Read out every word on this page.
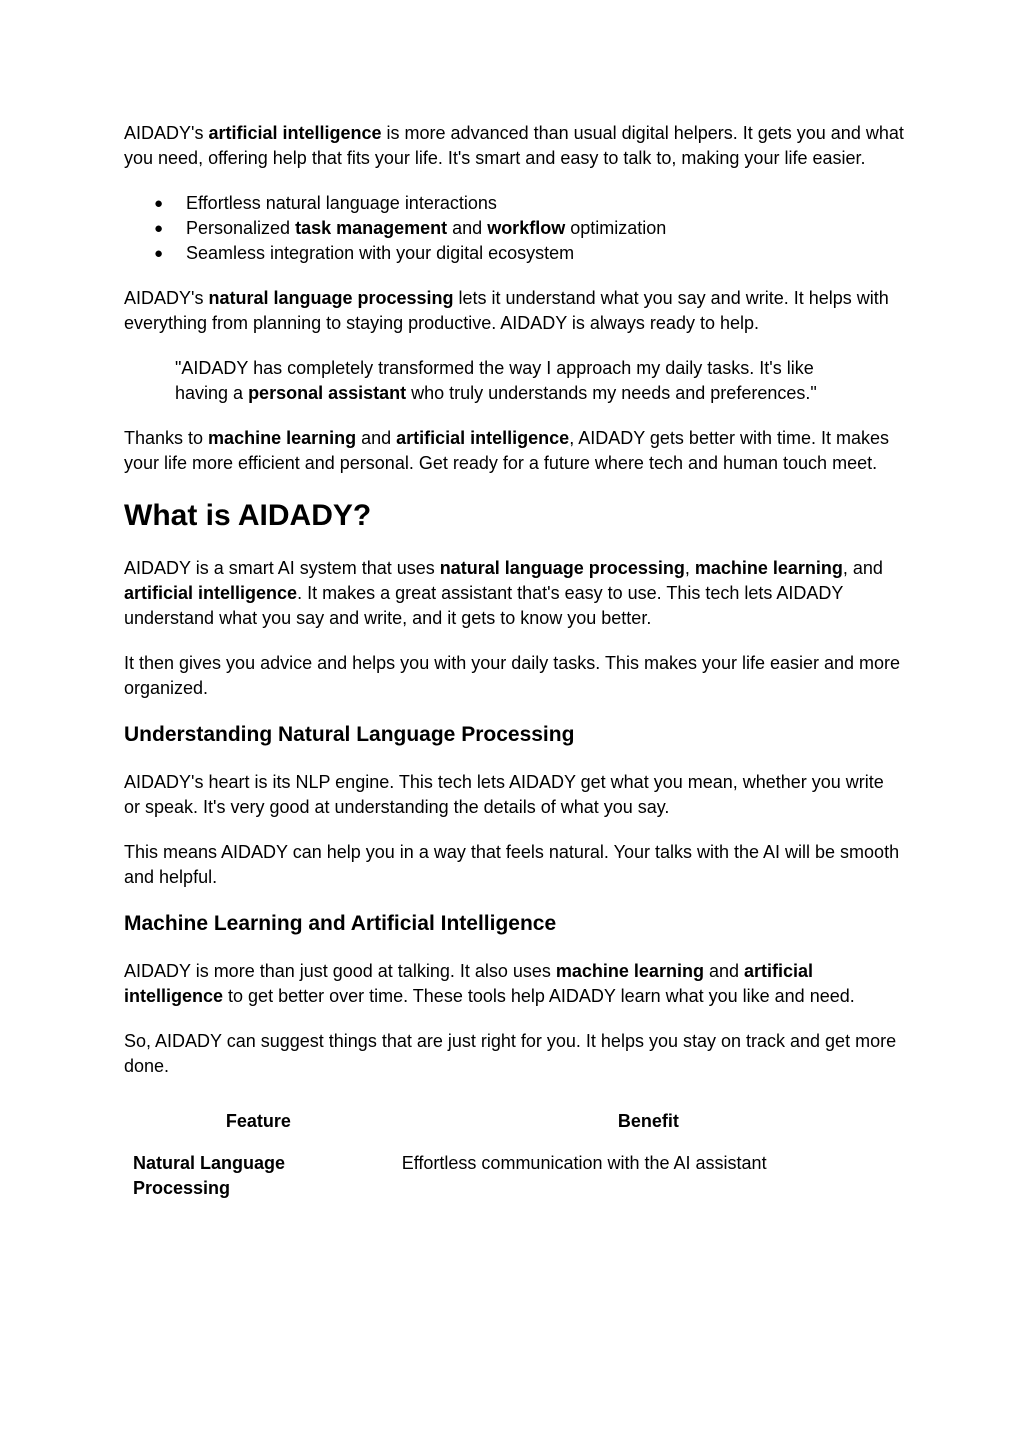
AIDADY's artificial intelligence is more advanced than usual digital helpers. It gets you and what you need, offering help that fits your life. It's smart and easy to talk to, making your life easier.

● Effortless natural language interactions
● Personalized task management and workflow optimization
● Seamless integration with your digital ecosystem

AIDADY's natural language processing lets it understand what you say and write. It helps with everything from planning to staying productive. AIDADY is always ready to help.

"AIDADY has completely transformed the way I approach my daily tasks. It's like having a personal assistant who truly understands my needs and preferences."

Thanks to machine learning and artificial intelligence, AIDADY gets better with time. It makes your life more efficient and personal. Get ready for a future where tech and human touch meet.

What is AIDADY?

AIDADY is a smart AI system that uses natural language processing, machine learning, and artificial intelligence. It makes a great assistant that's easy to use. This tech lets AIDADY understand what you say and write, and it gets to know you better.

It then gives you advice and helps you with your daily tasks. This makes your life easier and more organized.

Understanding Natural Language Processing

AIDADY's heart is its NLP engine. This tech lets AIDADY get what you mean, whether you write or speak. It's very good at understanding the details of what you say.

This means AIDADY can help you in a way that feels natural. Your talks with the AI will be smooth and helpful.

Machine Learning and Artificial Intelligence

AIDADY is more than just good at talking. It also uses machine learning and artificial intelligence to get better over time. These tools help AIDADY learn what you like and need.

So, AIDADY can suggest things that are just right for you. It helps you stay on track and get more done.

Feature	Benefit
Natural Language Processing	Effortless communication with the AI assistant
